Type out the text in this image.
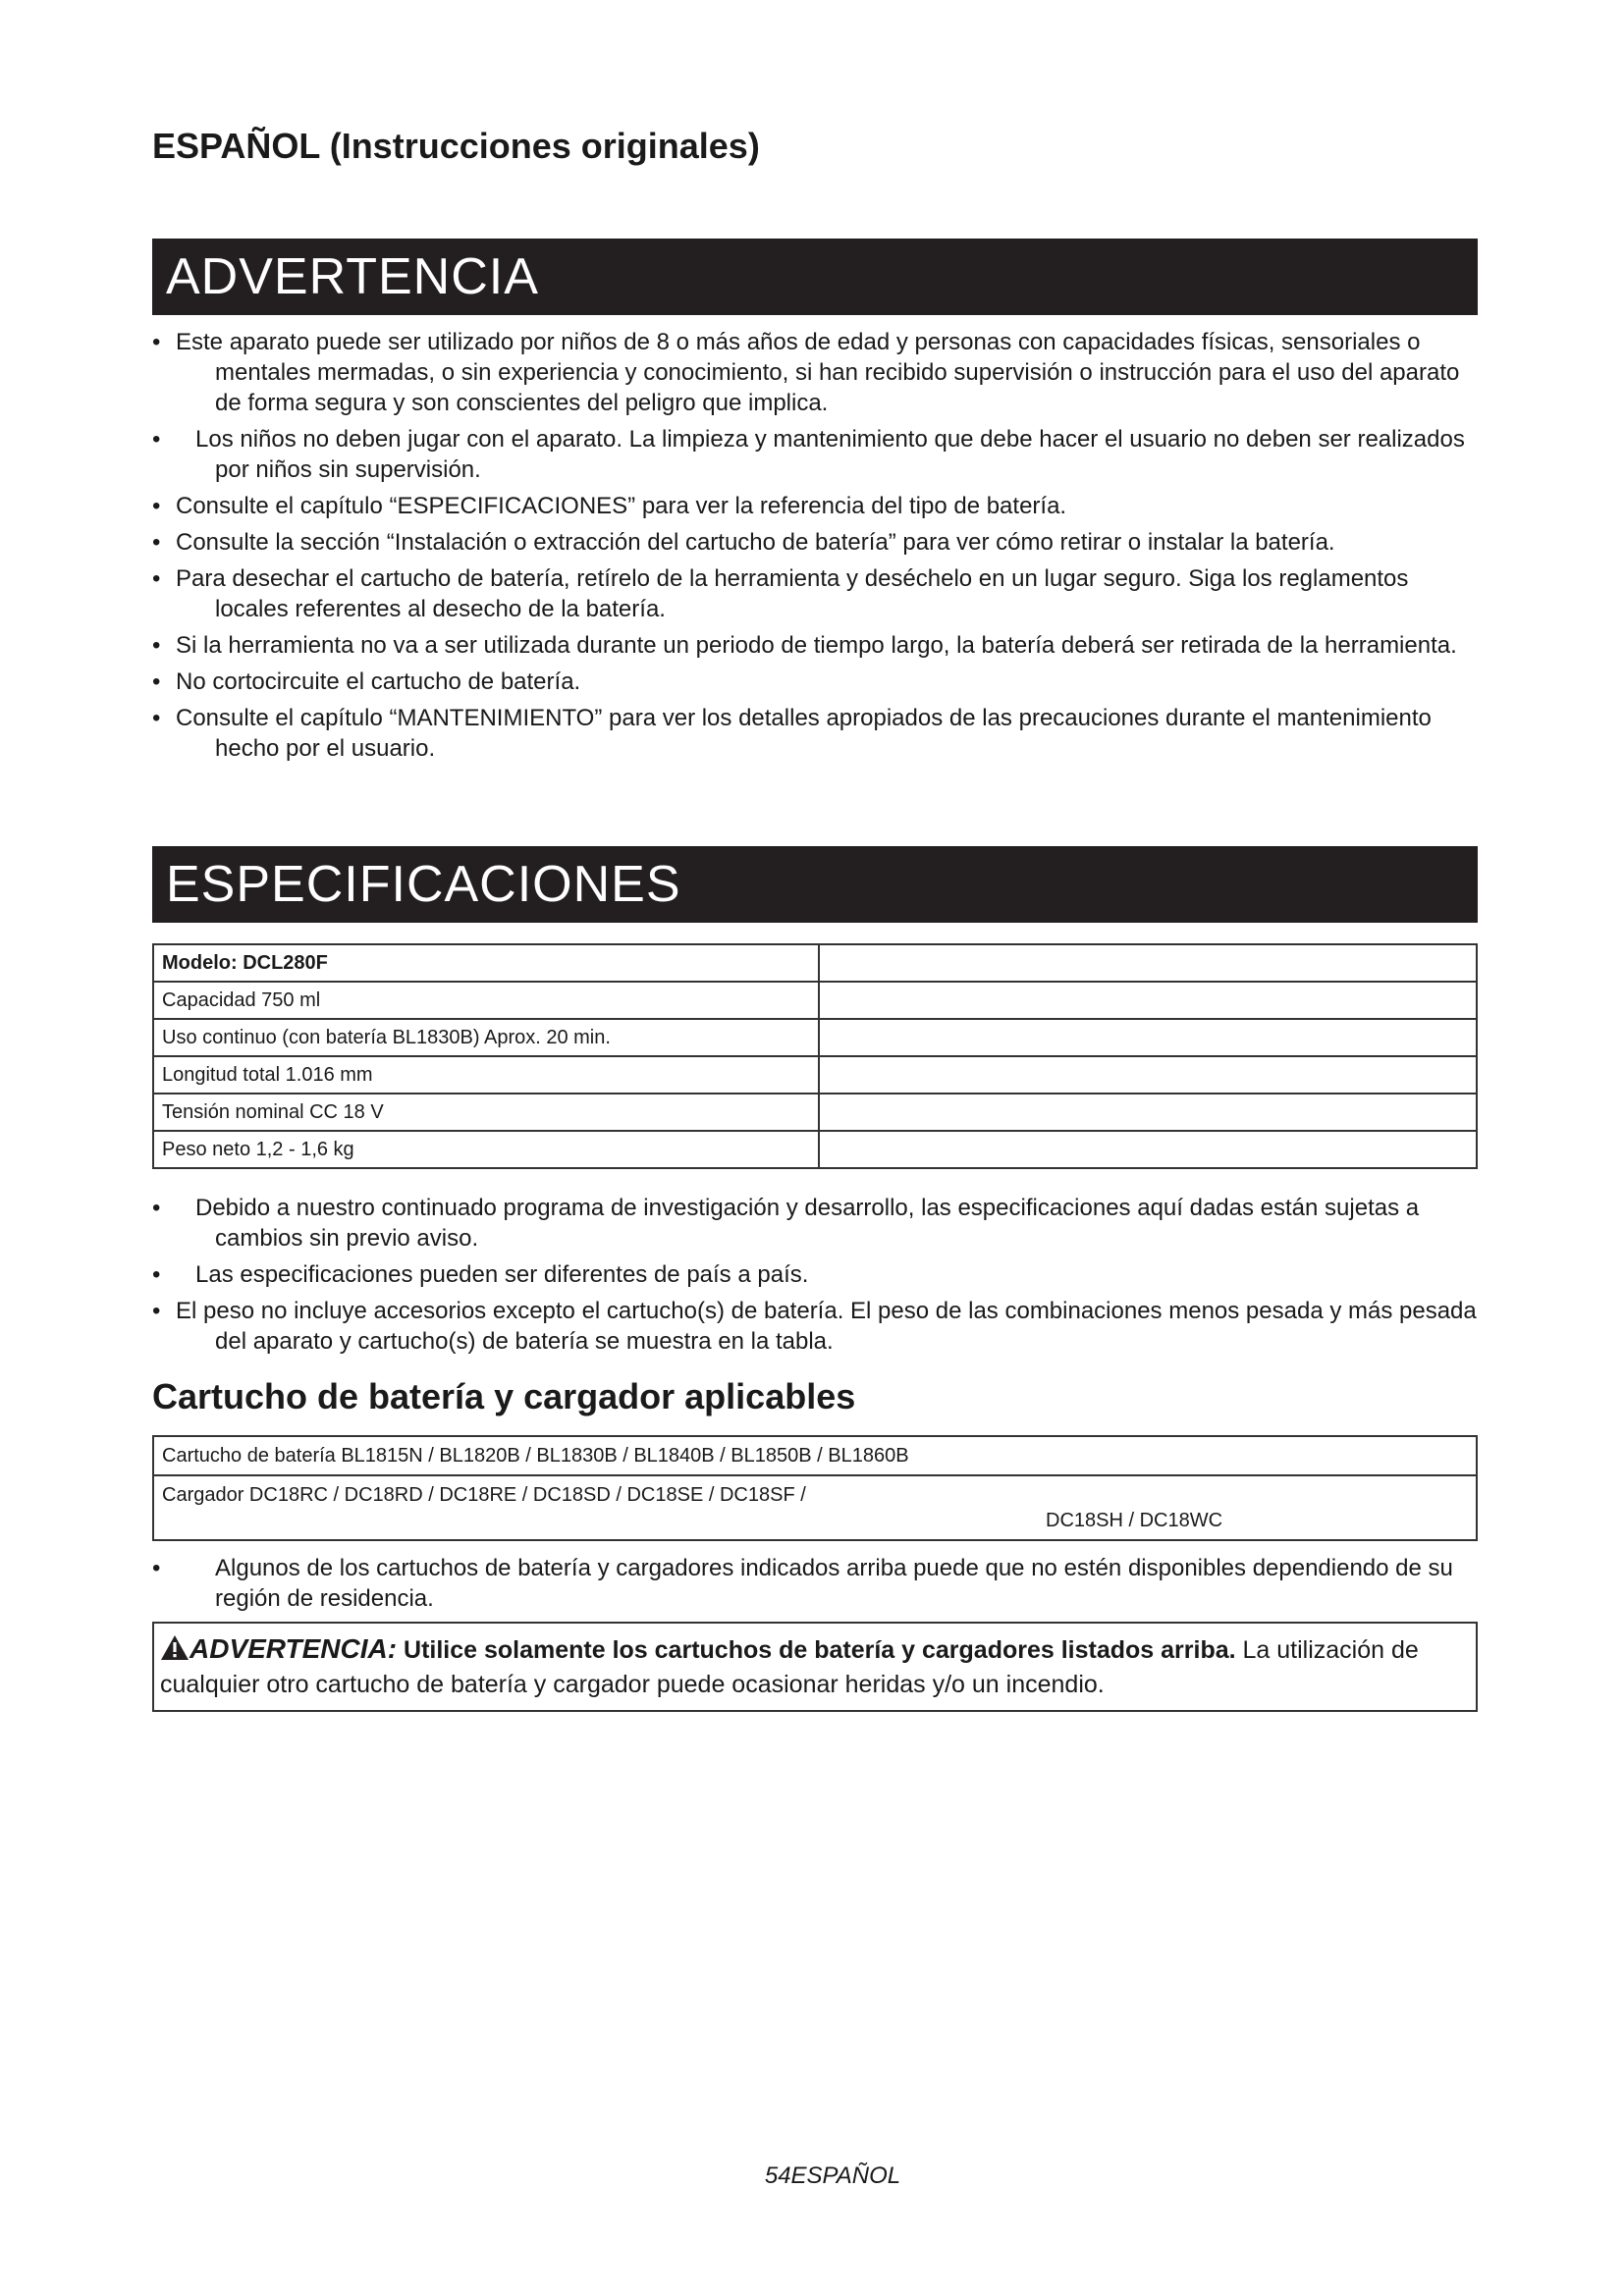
ESPAÑOL (Instrucciones originales)
ADVERTENCIA
• Este aparato puede ser utilizado por niños de 8 o más años de edad y personas con capacidades físicas, sensoriales o mentales mermadas, o sin experiencia y conocimiento, si han recibido supervisión o instrucción para el uso del aparato de forma segura y son conscientes del peligro que implica.
• Los niños no deben jugar con el aparato. La limpieza y mantenimiento que debe hacer el usuario no deben ser realizados por niños sin supervisión.
• Consulte el capítulo “ESPECIFICACIONES” para ver la referencia del tipo de batería.
• Consulte la sección “Instalación o extracción del cartucho de batería” para ver cómo retirar o instalar la batería.
• Para desechar el cartucho de batería, retírelo de la herramienta y deséchelo en un lugar seguro. Siga los reglamentos locales referentes al desecho de la batería.
• Si la herramienta no va a ser utilizada durante un periodo de tiempo largo, la batería deberá ser retirada de la herramienta.
• No cortocircuite el cartucho de batería.
• Consulte el capítulo “MANTENIMIENTO” para ver los detalles apropiados de las precauciones durante el mantenimiento hecho por el usuario.
ESPECIFICACIONES
Modelo: DCL280F	
Capacidad 750 ml	
Uso continuo (con batería BL1830B) Aprox. 20 min.	
Longitud total 1.016 mm	
Tensión nominal CC 18 V	
Peso neto 1,2 - 1,6 kg	
• Debido a nuestro continuado programa de investigación y desarrollo, las especificaciones aquí dadas están sujetas a cambios sin previo aviso.
• Las especificaciones pueden ser diferentes de país a país.
• El peso no incluye accesorios excepto el cartucho(s) de batería. El peso de las combinaciones menos pesada y más pesada del aparato y cartucho(s) de batería se muestra en la tabla.
Cartucho de batería y cargador aplicables
Cartucho de batería BL1815N / BL1820B / BL1830B / BL1840B / BL1850B / BL1860B
Cargador DC18RC / DC18RD / DC18RE / DC18SD / DC18SE / DC18SF /
DC18SH / DC18WC
• Algunos de los cartuchos de batería y cargadores indicados arriba puede que no estén disponibles dependiendo de su región de residencia.
ADVERTENCIA: Utilice solamente los cartuchos de batería y cargadores listados arriba. La utilización de cualquier otro cartucho de batería y cargador puede ocasionar heridas y/o un incendio.
54ESPAÑOL
